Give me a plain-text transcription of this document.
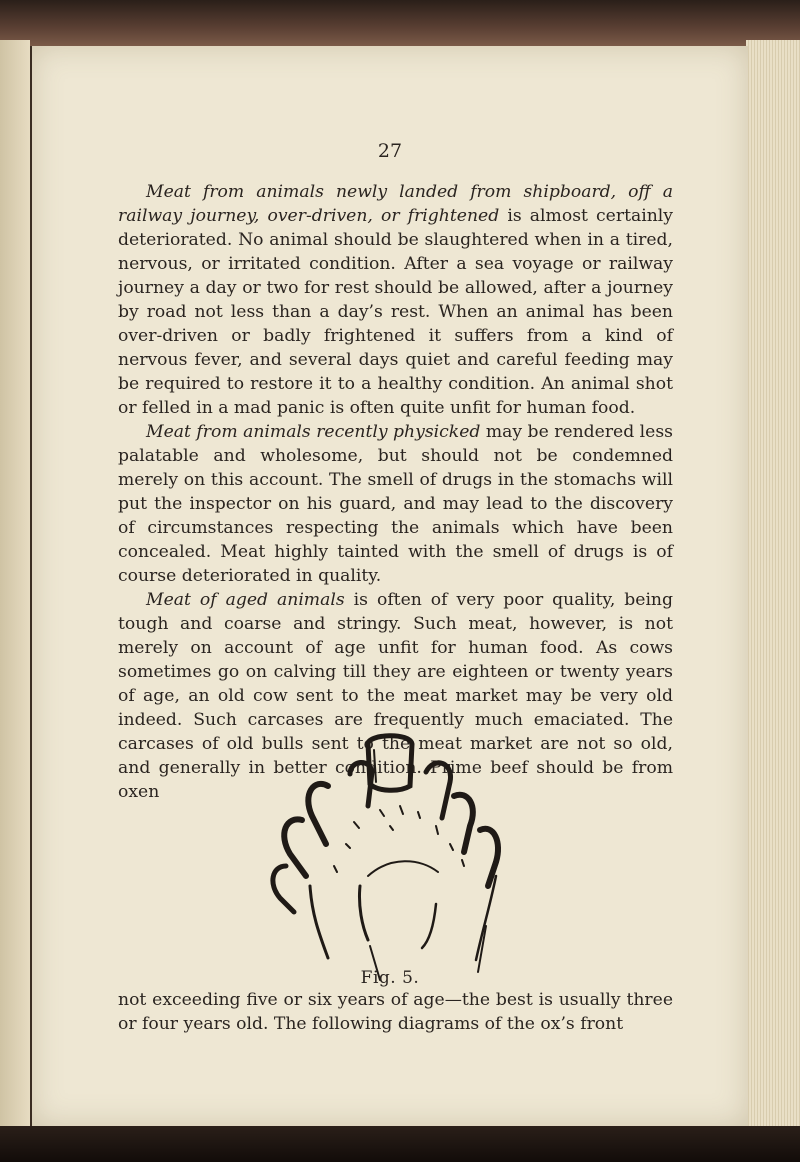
27

Meat from animals newly landed from shipboard, off a railway journey, over-driven, or frightened is almost certainly deteriorated. No animal should be slaughtered when in a tired, nervous, or irritated condition. After a sea voyage or railway journey a day or two for rest should be allowed, after a journey by road not less than a day’s rest. When an animal has been over-driven or badly frightened it suffers from a kind of nervous fever, and several days quiet and careful feeding may be required to restore it to a healthy condition. An animal shot or felled in a mad panic is often quite unfit for human food.

Meat from animals recently physicked may be rendered less palatable and wholesome, but should not be condemned merely on this account. The smell of drugs in the stomachs will put the inspector on his guard, and may lead to the discovery of circumstances respecting the animals which have been concealed. Meat highly tainted with the smell of drugs is of course deteriorated in quality.

Meat of aged animals is often of very poor quality, being tough and coarse and stringy. Such meat, however, is not merely on account of age unfit for human food. As cows sometimes go on calving till they are eighteen or twenty years of age, an old cow sent to the meat market may be very old indeed. Such carcases are frequently much emaciated. The carcases of old bulls sent to the meat market are not so old, and generally in better condition. Prime beef should be from oxen

Fig. 5.

not exceeding five or six years of age—the best is usually three or four years old. The following diagrams of the ox’s front
